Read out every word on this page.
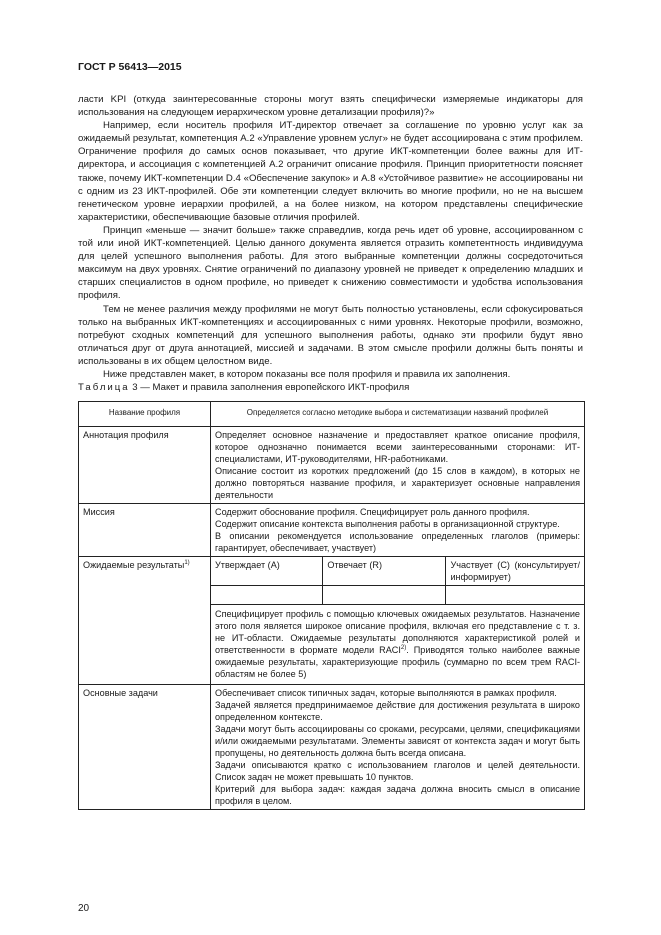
ГОСТ Р 56413—2015

ласти KPI (откуда заинтересованные стороны могут взять специфически измеряемые индикаторы для использования на следующем иерархическом уровне детализации профиля)?»

Например, если носитель профиля ИТ-директор отвечает за соглашение по уровню услуг как за ожидаемый результат, компетенция А.2 «Управление уровнем услуг» не будет ассоциирована с этим профилем. Ограничение профиля до самых основ показывает, что другие ИКТ-компетенции более важны для ИТ-директора, и ассоциация с компетенцией А.2 ограничит описание профиля. Принцип приоритетности поясняет также, почему ИКТ-компетенции D.4 «Обеспечение закупок» и А.8 «Устойчивое развитие» не ассоциированы ни с одним из 23 ИКТ-профилей. Обе эти компетенции следует включить во многие профили, но не на высшем генетическом уровне иерархии профилей, а на более низком, на котором представлены специфические характеристики, обеспечивающие базовые отличия профилей.

Принцип «меньше — значит больше» также справедлив, когда речь идет об уровне, ассоциированном с той или иной ИКТ-компетенцией. Целью данного документа является отразить компетентность индивидуума для целей успешного выполнения работы. Для этого выбранные компетенции должны сосредоточиться максимум на двух уровнях. Снятие ограничений по диапазону уровней не приведет к определению младших и старших специалистов в одном профиле, но приведет к снижению совместимости и удобства использования профиля.

Тем не менее различия между профилями не могут быть полностью установлены, если сфокусироваться только на выбранных ИКТ-компетенциях и ассоциированных с ними уровнях. Некоторые профили, возможно, потребуют сходных компетенций для успешного выполнения работы, однако эти профили будут явно отличаться друг от друга аннотацией, миссией и задачами. В этом смысле профили должны быть поняты и использованы в их общем целостном виде.

Ниже представлен макет, в котором показаны все поля профиля и правила их заполнения.

Таблица 3 — Макет и правила заполнения европейского ИКТ-профиля
Название профиля	Определяется согласно методике выбора и систематизации названий профилей
Аннотация профиля	Определяет основное назначение и предоставляет краткое описание профиля, которое однозначно понимается всеми заинтересованными сторонами: ИТ-специалистами, ИТ-руководителями, HR-работниками.

Описание состоит из коротких предложений (до 15 слов в каждом), в которых не должно повторяться название профиля, и характеризует основные направления деятельности

Миссия	Содержит обоснование профиля. Специфицирует роль данного профиля.

Содержит описание контекста выполнения работы в организационной структуре.

В описании рекомендуется использование определенных глаголов (примеры: гарантирует, обеспечивает, участвует)

Ожидаемые результаты$^{1)}$		Утверждает (A)	Отвечает (R)	Участвует (C) (консультирует/информирует)

Специфицирует профиль с помощью ключевых ожидаемых результатов. Назначение этого поля является широкое описание профиля, включая его представление с т. з. не ИТ-области. Ожидаемые результаты дополняются характеристикой ролей и ответственности в формате модели RACI$^{2)}$. Приводятся только наиболее важные ожидаемые результаты, характеризующие профиль (суммарно по всем трем RACI-областям не более 5)

Основные задачи	Обеспечивает список типичных задач, которые выполняются в рамках профиля.

Задачей является предпринимаемое действие для достижения результата в широко определенном контексте.

Задачи могут быть ассоциированы со сроками, ресурсами, целями, спецификациями и/или ожидаемыми результатами. Элементы зависят от контекста задач и могут быть пропущены, но деятельность должна быть всегда описана.

Задачи описываются кратко с использованием глаголов и целей деятельности. Список задач не может превышать 10 пунктов.

Критерий для выбора задач: каждая задача должна вносить смысл в описание профиля в целом.

20
